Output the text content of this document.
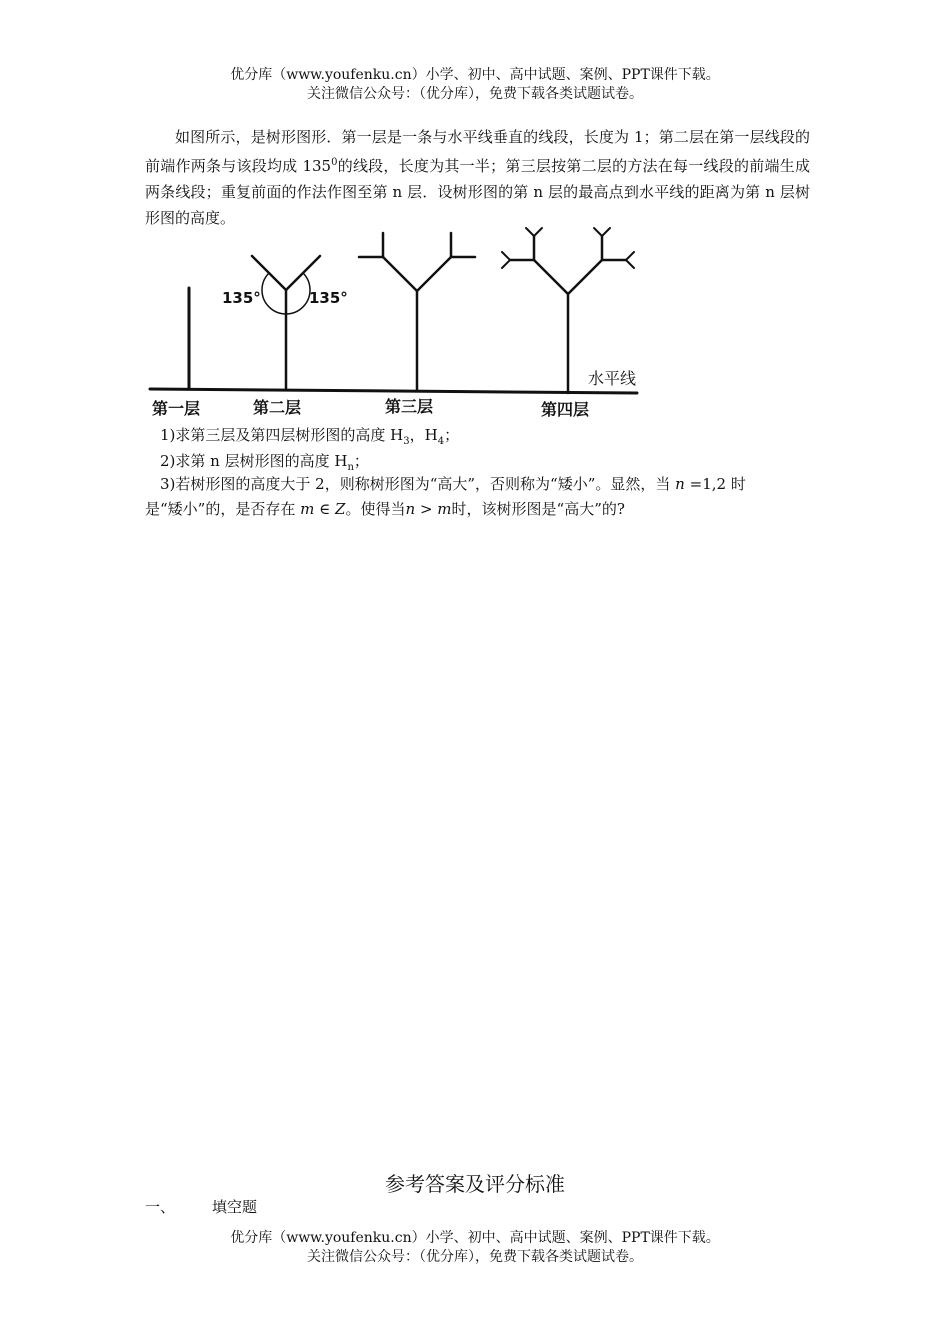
优分库（www.youfenku.cn）小学、初中、高中试题、案例、PPT课件下载。
关注微信公众号：（优分库），免费下载各类试题试卷。
如图所示，是树形图形．第一层是一条与水平线垂直的线段，长度为 1；第二层在第一层线段的前端作两条与该段均成 $135^0$的线段，长度为其一半；第三层按第二层的方法在每一线段的前端生成两条线段；重复前面的作法作图至第 n 层．设树形图的第 n 层的最高点到水平线的距离为第 n 层树形图的高度。
135°	135°
水平线
第一层	第二层	第三层	第四层
1)求第三层及第四层树形图的高度 $H_3$，$H_4$；
2)求第 n 层树形图的高度 $H_n$；
3)若树形图的高度大于 2，则称树形图为“高大”，否则称为“矮小”。显然，当 n =1,2 时
是“矮小”的，是否存在 m ∈ Z。使得当n > m时，该树形图是“高大”的?
参考答案及评分标准
一、 填空题
优分库（www.youfenku.cn）小学、初中、高中试题、案例、PPT课件下载。
关注微信公众号：（优分库），免费下载各类试题试卷。
